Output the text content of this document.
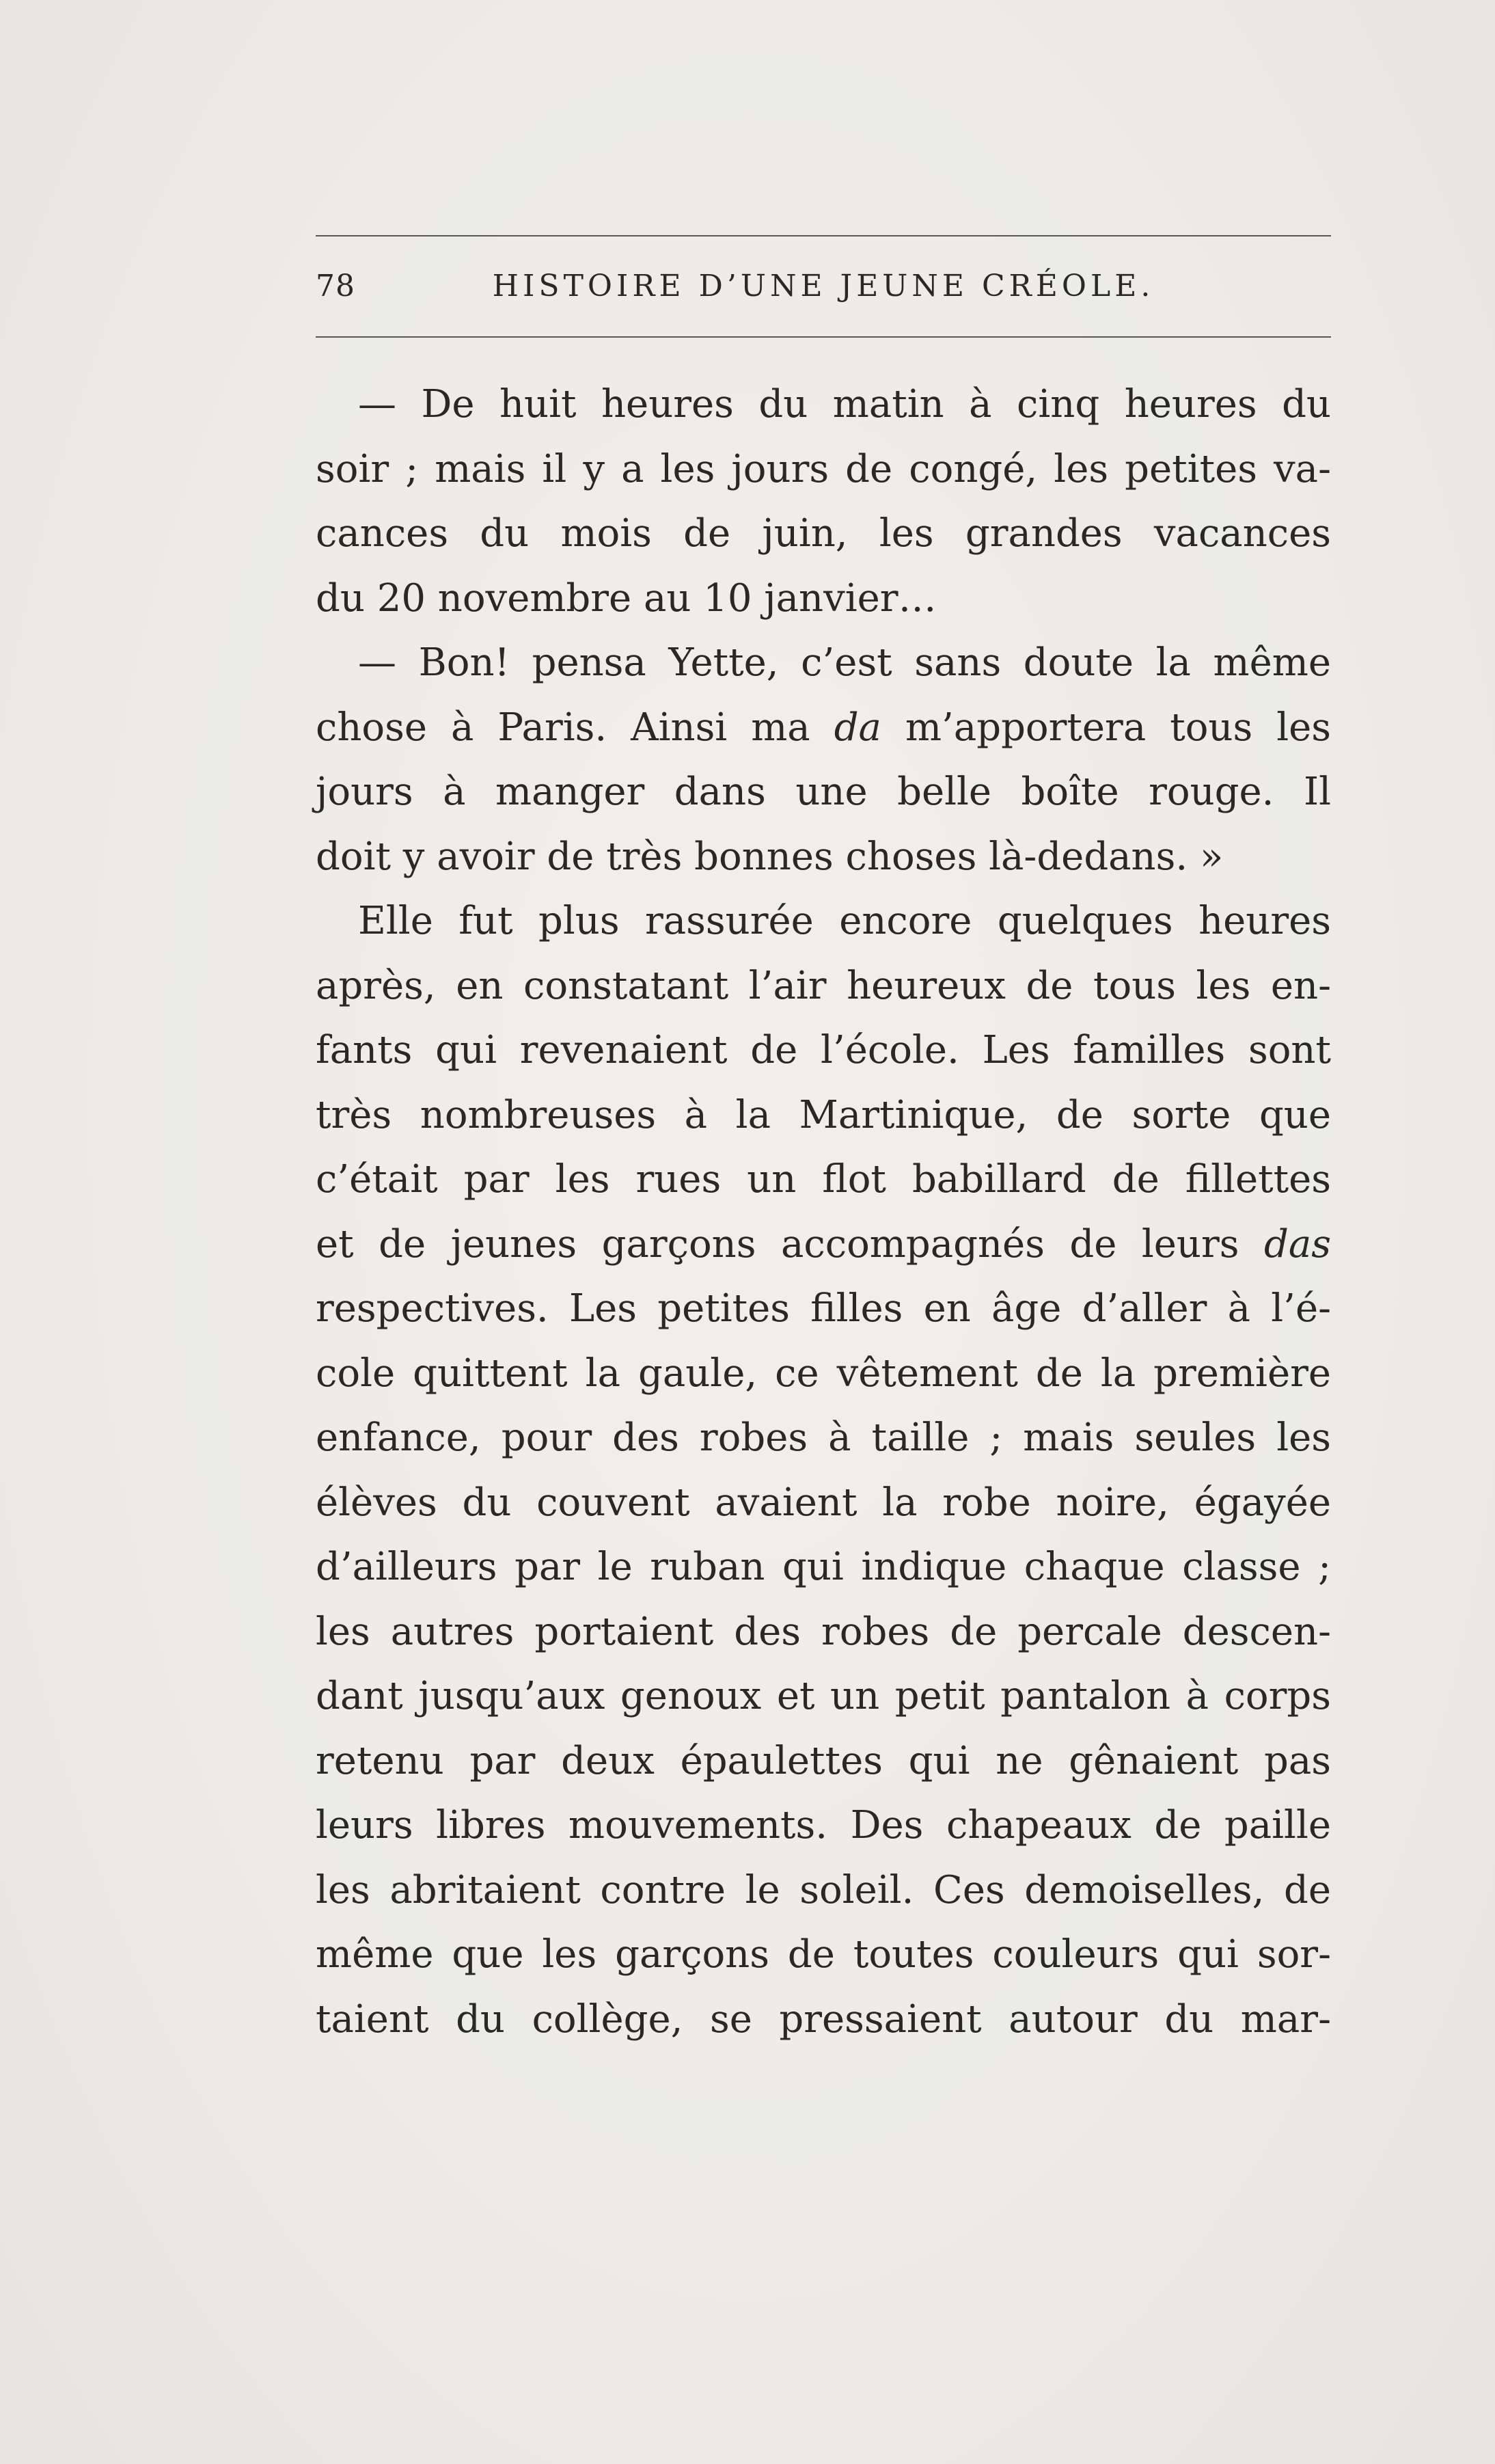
78	HISTOIRE D’UNE JEUNE CRÉOLE.
— De huit heures du matin à cinq heures du
soir ; mais il y a les jours de congé, les petites va-
cances du mois de juin, les grandes vacances
du 20 novembre au 10 janvier…
— Bon! pensa Yette, c’est sans doute la même
chose à Paris. Ainsi ma da m’apportera tous les
jours à manger dans une belle boîte rouge. Il
doit y avoir de très bonnes choses là-dedans. »
Elle fut plus rassurée encore quelques heures
après, en constatant l’air heureux de tous les en-
fants qui revenaient de l’école. Les familles sont
très nombreuses à la Martinique, de sorte que
c’était par les rues un flot babillard de fillettes
et de jeunes garçons accompagnés de leurs das
respectives. Les petites filles en âge d’aller à l’é-
cole quittent la gaule, ce vêtement de la première
enfance, pour des robes à taille ; mais seules les
élèves du couvent avaient la robe noire, égayée
d’ailleurs par le ruban qui indique chaque classe ;
les autres portaient des robes de percale descen-
dant jusqu’aux genoux et un petit pantalon à corps
retenu par deux épaulettes qui ne gênaient pas
leurs libres mouvements. Des chapeaux de paille
les abritaient contre le soleil. Ces demoiselles, de
même que les garçons de toutes couleurs qui sor-
taient du collège, se pressaient autour du mar-
